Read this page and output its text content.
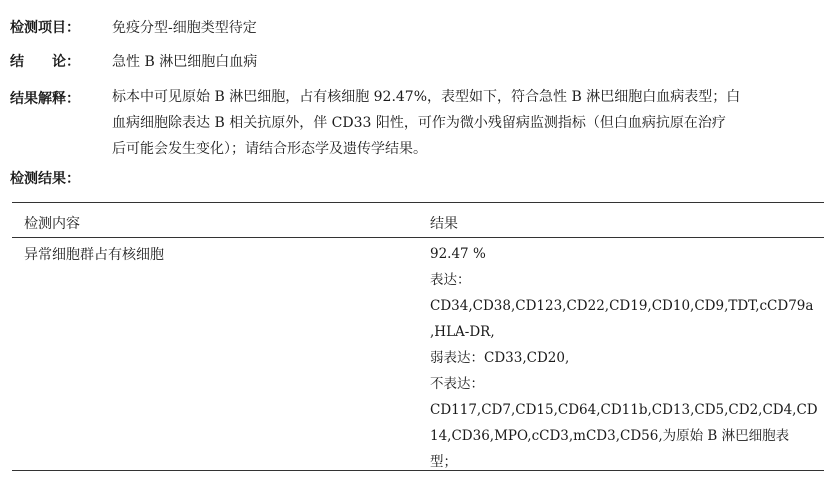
检测项目： 免疫分型-细胞类型待定
结　　论： 急性 B 淋巴细胞白血病
结果解释： 标本中可见原始 B 淋巴细胞，占有核细胞 92.47%，表型如下，符合急性 B 淋巴细胞白血病表型；白
血病细胞除表达 B 相关抗原外，伴 CD33 阳性，可作为微小残留病监测指标（但白血病抗原在治疗
后可能会发生变化）；请结合形态学及遗传学结果。
检测结果：
检测内容	结果
异常细胞群占有核细胞	92.47 %
表达：
CD34,CD38,CD123,CD22,CD19,CD10,CD9,TDT,cCD79a
,HLA-DR,
弱表达：CD33,CD20,
不表达：
CD117,CD7,CD15,CD64,CD11b,CD13,CD5,CD2,CD4,CD
14,CD36,MPO,cCD3,mCD3,CD56,为原始 B 淋巴细胞表
型；
